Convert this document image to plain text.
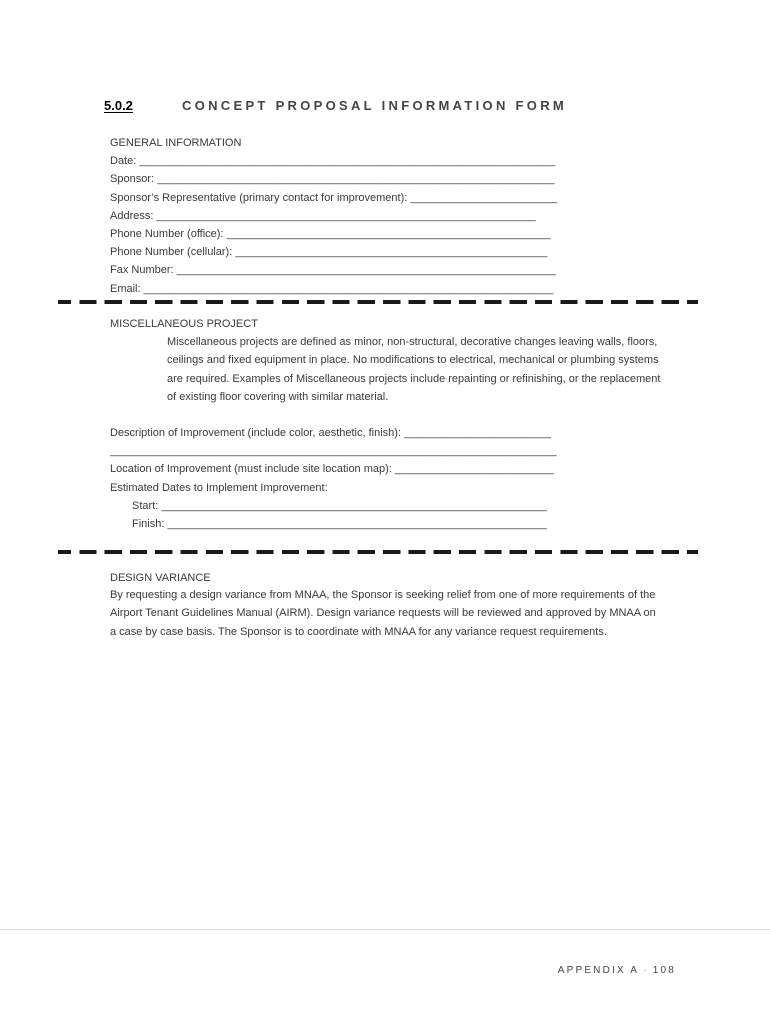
5.0.2	CONCEPT PROPOSAL INFORMATION FORM
GENERAL INFORMATION
Date: ____________________________________________________________________
Sponsor: _________________________________________________________________
Sponsor’s Representative (primary contact for improvement): ________________________
Address: ______________________________________________________________
Phone Number (office): _____________________________________________________
Phone Number (cellular): ___________________________________________________
Fax Number: ______________________________________________________________
Email: ___________________________________________________________________
MISCELLANEOUS PROJECT
Miscellaneous projects are defined as minor, non-structural, decorative changes leaving walls, floors,
ceilings and fixed equipment in place. No modifications to electrical, mechanical or plumbing systems
are required. Examples of Miscellaneous projects include repainting or refinishing, or the replacement
of existing floor covering with similar material.
Description of Improvement (include color, aesthetic, finish): ________________________
_________________________________________________________________________
Location of Improvement (must include site location map): __________________________
Estimated Dates to Implement Improvement:
Start: _______________________________________________________________
Finish: ______________________________________________________________
DESIGN VARIANCE
By requesting a design variance from MNAA, the Sponsor is seeking relief from one of more requirements of the
Airport Tenant Guidelines Manual (AIRM). Design variance requests will be reviewed and approved by MNAA on
a case by case basis. The Sponsor is to coordinate with MNAA for any variance request requirements.
APPENDIX A · 108
